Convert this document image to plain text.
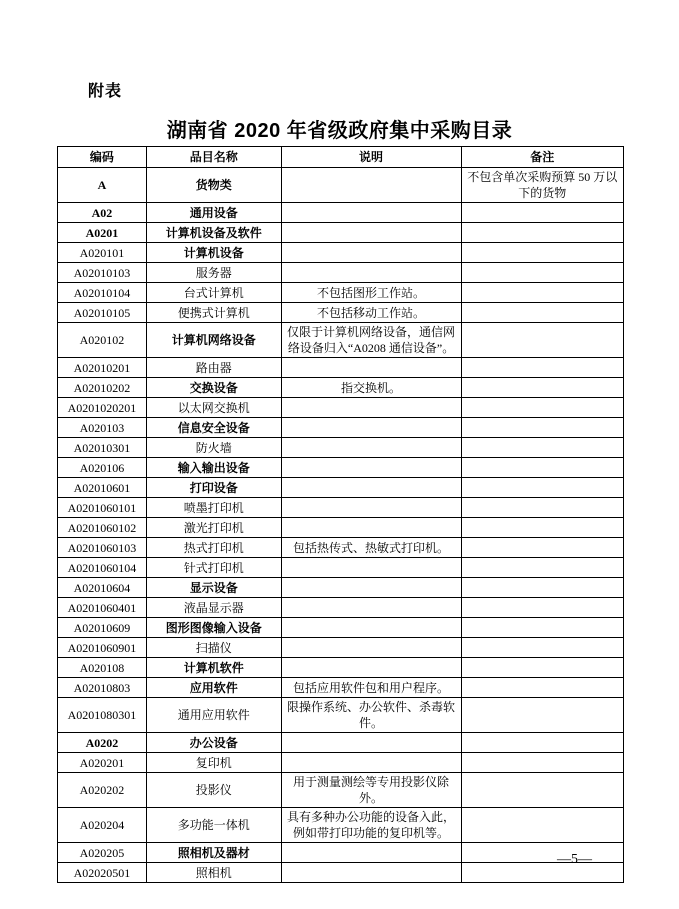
附表
湖南省 2020 年省级政府集中采购目录
编码	品目名称	说明	备注
A	货物类		不包含单次采购预算 50 万以下的货物
A02	通用设备		
A0201	计算机设备及软件		
A020101	计算机设备		
A02010103	服务器		
A02010104	台式计算机	不包括图形工作站。	
A02010105	便携式计算机	不包括移动工作站。	
A020102	计算机网络设备	仅限于计算机网络设备，通信网络设备归入“A0208 通信设备”。	
A02010201	路由器		
A02010202	交换设备	指交换机。	
A0201020201	以太网交换机		
A020103	信息安全设备		
A02010301	防火墙		
A020106	输入输出设备		
A02010601	打印设备		
A0201060101	喷墨打印机		
A0201060102	激光打印机		
A0201060103	热式打印机	包括热传式、热敏式打印机。	
A0201060104	针式打印机		
A02010604	显示设备		
A0201060401	液晶显示器		
A02010609	图形图像输入设备		
A0201060901	扫描仪		
A020108	计算机软件		
A02010803	应用软件	包括应用软件包和用户程序。	
A0201080301	通用应用软件	限操作系统、办公软件、杀毒软件。	
A0202	办公设备		
A020201	复印机		
A020202	投影仪	用于测量测绘等专用投影仪除外。	
A020204	多功能一体机	具有多种办公功能的设备入此，例如带打印功能的复印机等。	
A020205	照相机及器材		
A02020501	照相机		
—5—
